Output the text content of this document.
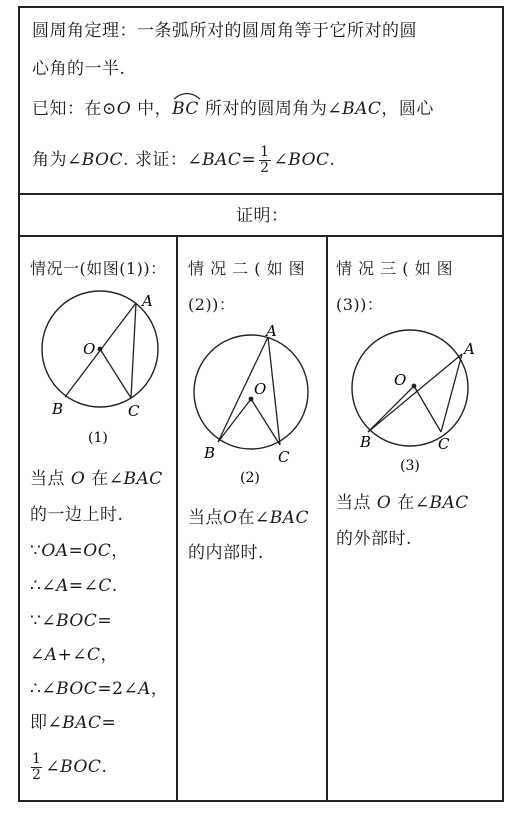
圆周角定理：一条弧所对的圆周角等于它所对的圆
心角的一半.
已知：在⊙O 中，
BC 所对的圆周角为∠BAC，圆心
角为∠BOC. 求证：∠BAC= $\frac{1}{2}$ ∠BOC.
证明：
情况一(如图(1))：
A
O
B	C
(1)
当点 O 在∠BAC
的一边上时.
∵OA=OC，
∴∠A=∠C.
∵∠BOC=
∠A+∠C，
∴∠BOC=2∠A，
即∠BAC=
$\frac{1}{2}$ ∠BOC.
情 况 二 ( 如 图
(2))：
A
O
B	C
(2)
当点O在∠BAC
的内部时.
情 况 三 ( 如 图
(3))：
A
O
B	C
(3)
当点 O 在∠BAC
的外部时.
